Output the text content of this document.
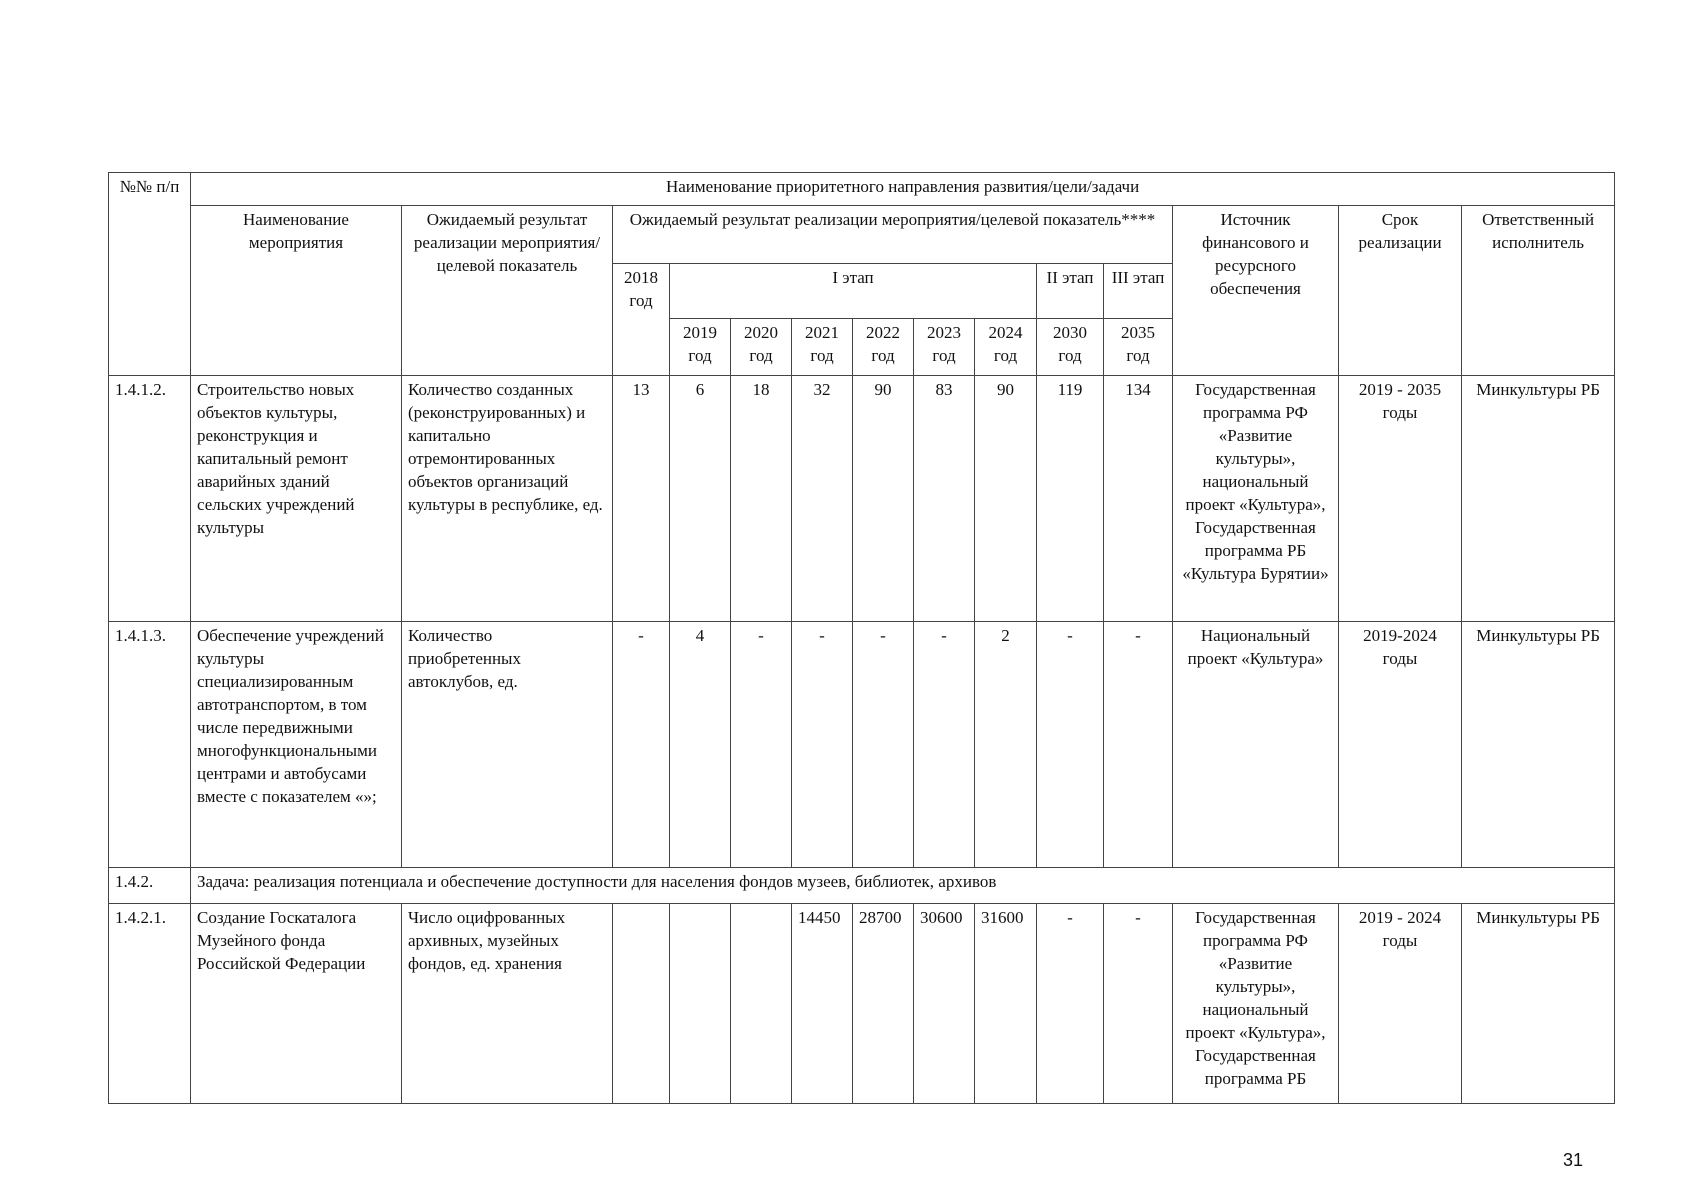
№№ п/п	Наименование приоритетного направления развития/цели/задачи													
	Наименование мероприятия	Ожидаемый результат реализации мероприятия/целевой показатель	Ожидаемый результат реализации мероприятия/целевой показатель****									Источник финансового и ресурсного обеспечения	Срок реализации	Ответственный исполнитель
			2018 год	I этап						II этап	III этап			
				2019 год	2020 год	2021 год	2022 год	2023 год	2024 год	2030 год	2035 год			
1.4.1.2.	Строительство новых объектов культуры, реконструкция и капитальный ремонт аварийных зданий сельских учреждений культуры	Количество созданных (реконструированных) и капитально отремонтированных объектов организаций культуры в республике, ед.	13	6	18	32	90	83	90	119	134	Государственная программа РФ «Развитие культуры», национальный проект «Культура», Государственная программа РБ «Культура Бурятии»	2019 - 2035 годы	Минкультуры РБ
1.4.1.3.	Обеспечение учреждений культуры специализированным автотранспортом, в том числе передвижными многофункциональными центрами и автобусами вместе с показателем «»;	Количество приобретенных автоклубов, ед.	-	4	-	-	-	-	2	-	-	Национальный проект «Культура»	2019-2024 годы	Минкультуры РБ
1.4.2.	Задача: реализация потенциала и обеспечение доступности для населения фондов музеев, библиотек, архивов													
1.4.2.1.	Создание Госкаталога Музейного фонда Российской Федерации	Число оцифрованных архивных, музейных фондов, ед. хранения				14450	28700	30600	31600	-	-	Государственная программа РФ «Развитие культуры», национальный проект «Культура», Государственная программа РБ	2019 - 2024 годы	Минкультуры РБ
31
